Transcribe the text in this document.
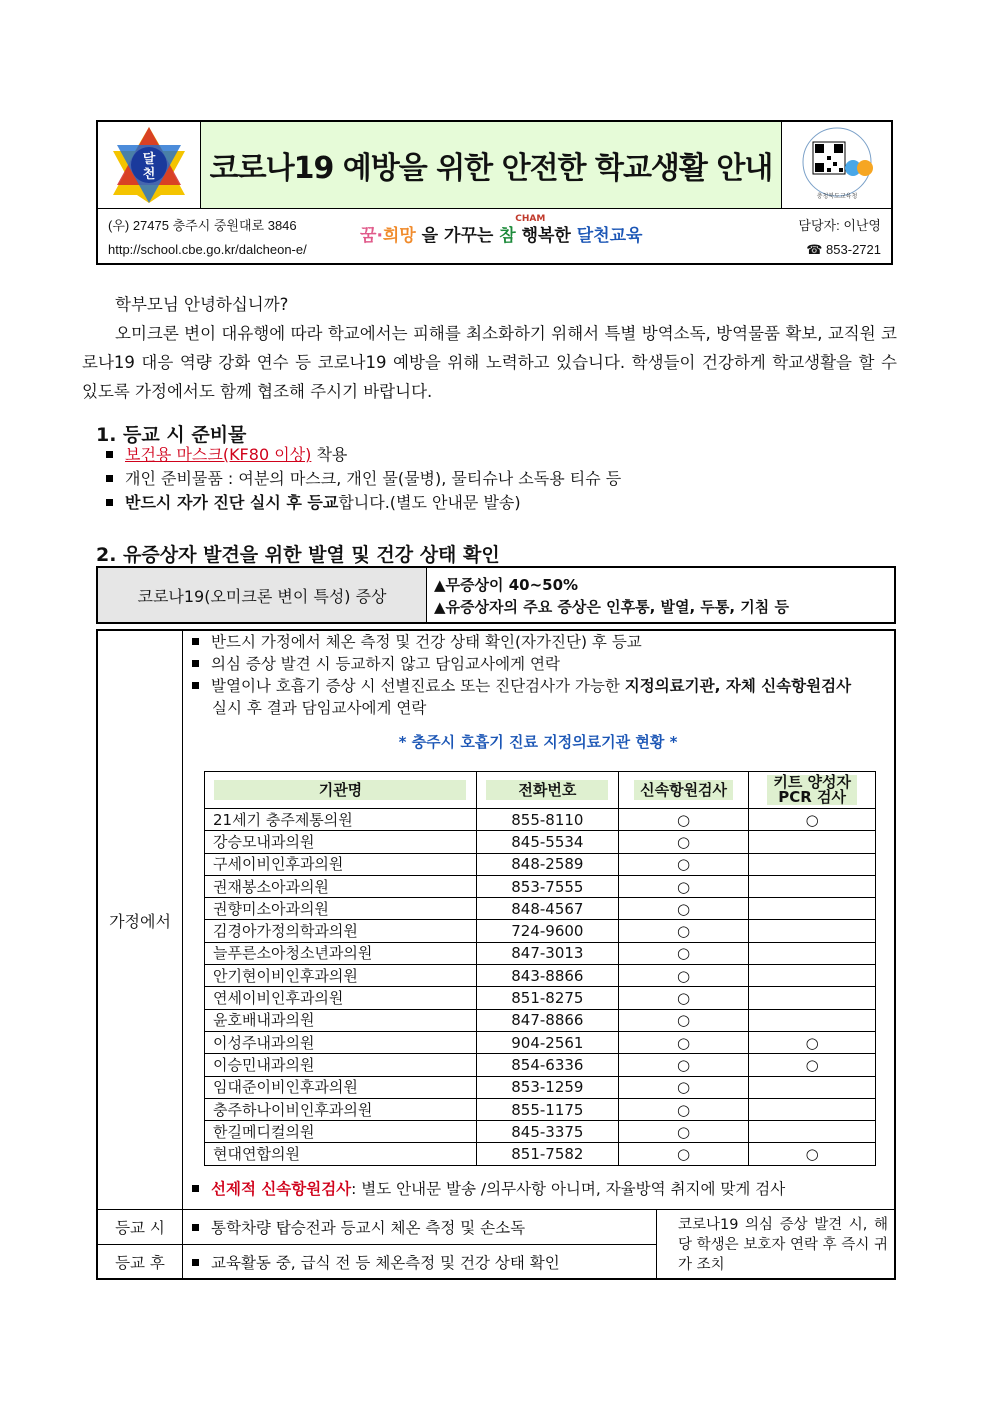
달
천 코로나19 예방을 위한 안전한 학교생활 안내
충청북도교육청
(우) 27475 충주시 중원대로 3846
http://school.cbe.go.kr/dalcheon-e/
꿈·희망 을 가꾸는 참
CHAM
행복한 달천교육
담당자: 이난영
☎ 853-2721
학부모님 안녕하십니까?
오미크론 변이 대유행에 따라 학교에서는 피해를 최소화하기 위해서 특별 방역소독, 방역물품 확보, 교직원 코로나19 대응 역량 강화 연수 등 코로나19 예방을 위해 노력하고 있습니다. 학생들이 건강하게 학교생활을 할 수 있도록 가정에서도 함께 협조해 주시기 바랍니다.
1. 등교 시 준비물
보건용 마스크(KF80 이상) 착용
개인 준비물품 : 여분의 마스크, 개인 물(물병), 물티슈나 소독용 티슈 등
반드시 자가 진단 실시 후 등교합니다.(별도 안내문 발송)
2. 유증상자 발견을 위한 발열 및 건강 상태 확인
코로나19(오미크론 변이 특성) 증상
▲무증상이 40~50%
▲유증상자의 주요 증상은 인후통, 발열, 두통, 기침 등
가정에서
반드시 가정에서 체온 측정 및 건강 상태 확인(자가진단) 후 등교
의심 증상 발견 시 등교하지 않고 담임교사에게 연락
발열이나 호흡기 증상 시 선별진료소 또는 진단검사가 가능한 지정의료기관, 자체 신속항원검사
실시 후 결과 담임교사에게 연락
* 충주시 호흡기 진료 지정의료기관 현황 *
기관명	전화번호	신속항원검사	키트 양성자
PCR 검사
21세기 충주제통의원	855-8110	○	○
강승모내과의원	845-5534	○	
구세이비인후과의원	848-2589	○	
권재봉소아과의원	853-7555	○	
권향미소아과의원	848-4567	○	
김경아가정의학과의원	724-9600	○	
늘푸른소아청소년과의원	847-3013	○	
안기현이비인후과의원	843-8866	○	
연세이비인후과의원	851-8275	○	
윤호배내과의원	847-8866	○	
이성주내과의원	904-2561	○	○
이승민내과의원	854-6336	○	○
임대준이비인후과의원	853-1259	○	
충주하나이비인후과의원	855-1175	○	
한길메디컬의원	845-3375	○	
현대연합의원	851-7582	○	○
선제적 신속항원검사: 별도 안내문 발송 /의무사항 아니며, 자율방역 취지에 맞게 검사
등교 시	통학차량 탑승전과 등교시 체온 측정 및 손소독
등교 후	교육활동 중, 급식 전 등 체온측정 및 건강 상태 확인
코로나19 의심 증상 발견 시, 해당 학생은 보호자 연락 후 즉시 귀가 조치
